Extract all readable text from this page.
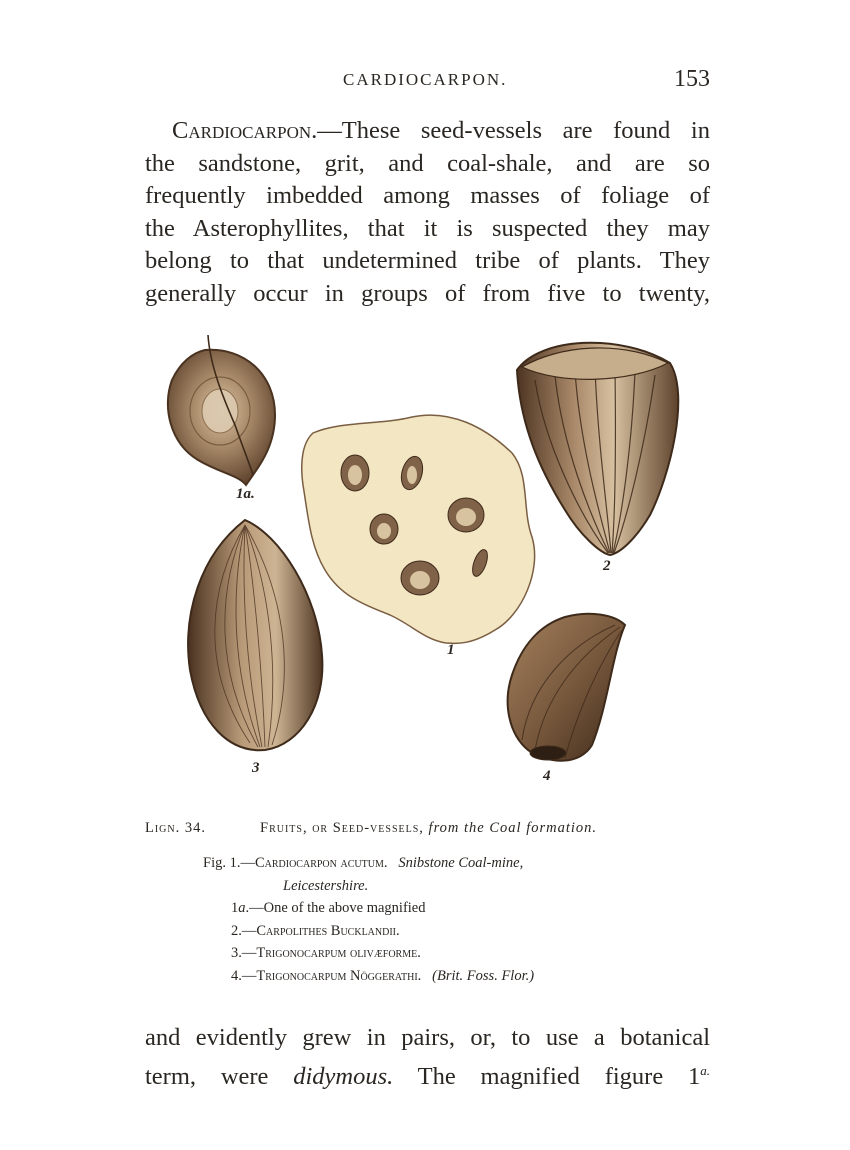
CARDIOCARPON.	153
Cardiocarpon.—These seed-vessels are found in
the sandstone, grit, and coal-shale, and are so
frequently imbedded among masses of foliage of
the Asterophyllites, that it is suspected they may
belong to that undetermined tribe of plants. They
generally occur in groups of from five to twenty,
1a.
1
2
3	4
Lign. 34.	Fruits, or Seed-vessels, from the Coal formation.
Fig. 1.—Cardiocarpon acutum. Snibstone Coal-mine,
Leicestershire.
1a.—One of the above magnified
2.—Carpolithes Bucklandii.
3.—Trigonocarpum olivæforme.
4.—Trigonocarpum Nöggerathi. (Brit. Foss. Flor.)
and evidently grew in pairs, or, to use a botanical
term, were didymous. The magnified figure $1^{a.}$
